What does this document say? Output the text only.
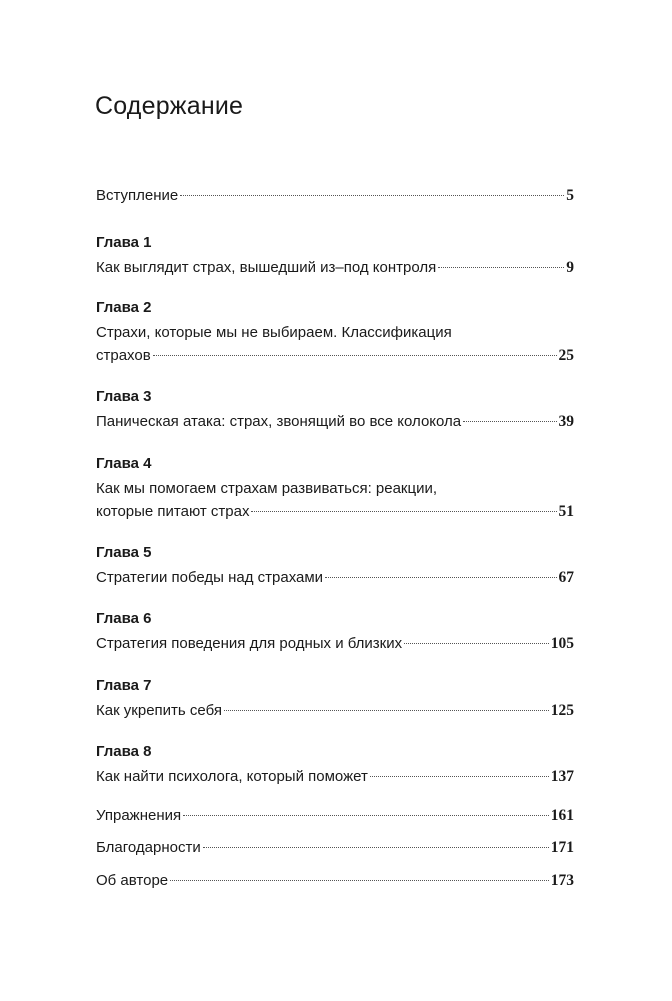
Содержание
Вступление	5
Глава 1
Как выглядит страх, вышедший из–под контроля	9
Глава 2
Страхи, которые мы не выбираем. Классификация
страхов	25
Глава 3
Паническая атака: страх, звонящий во все колокола	39
Глава 4
Как мы помогаем страхам развиваться: реакции,
которые питают страх	51
Глава 5
Стратегии победы над страхами	67
Глава 6
Стратегия поведения для родных и близких	105
Глава 7
Как укрепить себя	125
Глава 8
Как найти психолога, который поможет	137
Упражнения	161
Благодарности	171
Об авторе	173
